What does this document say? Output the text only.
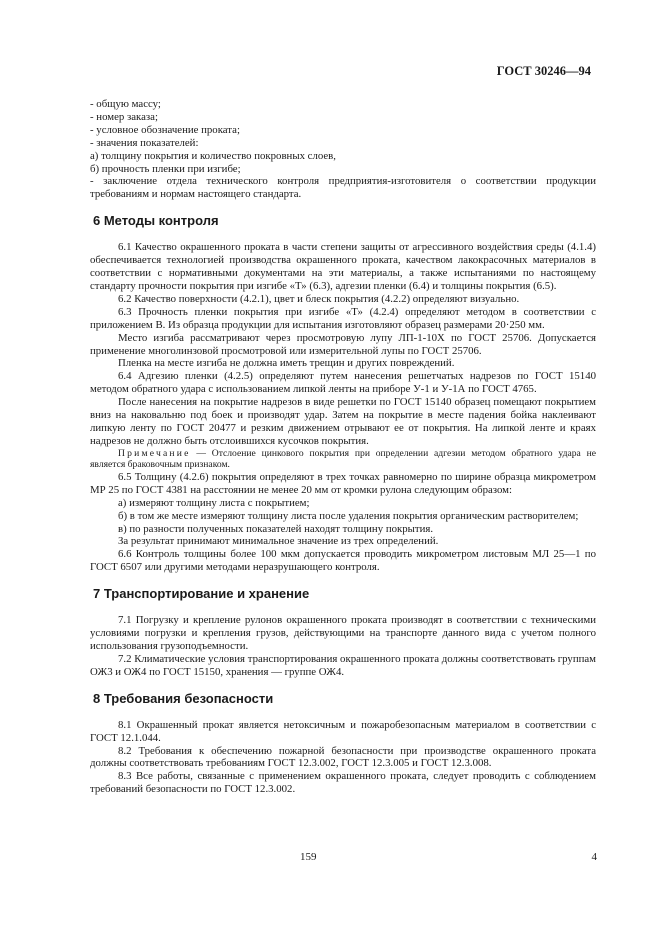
ГОСТ 30246—94

- общую массу;

- номер заказа;

- условное обозначение проката;

- значения показателей:

а) толщину покрытия и количество покровных слоев,

б) прочность пленки при изгибе;

- заключение отдела технического контроля предприятия-изготовителя о соответствии продукции требованиям и нормам настоящего стандарта.

6 Методы контроля

6.1 Качество окрашенного проката в части степени защиты от агрессивного воздействия среды (4.1.4) обеспечивается технологией производства окрашенного проката, качеством лакокрасочных материалов в соответствии с нормативными документами на эти материалы, а также испытаниями по настоящему стандарту прочности покрытия при изгибе «Т» (6.3), адгезии пленки (6.4) и толщины покрытия (6.5).

6.2 Качество поверхности (4.2.1), цвет и блеск покрытия (4.2.2) определяют визуально.

6.3 Прочность пленки покрытия при изгибе «Т» (4.2.4) определяют методом в соответствии с приложением В. Из образца продукции для испытания изготовляют образец размерами 20·250 мм.

Место изгиба рассматривают через просмотровую лупу ЛП-1-10Х по ГОСТ 25706. Допускается применение многолинзовой просмотровой или измерительной лупы по ГОСТ 25706.

Пленка на месте изгиба не должна иметь трещин и других повреждений.

6.4 Адгезию пленки (4.2.5) определяют путем нанесения решетчатых надрезов по ГОСТ 15140 методом обратного удара с использованием липкой ленты на приборе У-1 и У-1А по ГОСТ 4765.

После нанесения на покрытие надрезов в виде решетки по ГОСТ 15140 образец помещают покрытием вниз на наковальню под боек и производят удар. Затем на покрытие в месте падения бойка наклеивают липкую ленту по ГОСТ 20477 и резким движением отрывают ее от покрытия. На липкой ленте и краях надрезов не должно быть отслоившихся кусочков покрытия.

Примечание — Отслоение цинкового покрытия при определении адгезии методом обратного удара не является браковочным признаком.

6.5 Толщину (4.2.6) покрытия определяют в трех точках равномерно по ширине образца микрометром МР 25 по ГОСТ 4381 на расстоянии не менее 20 мм от кромки рулона следующим образом:

а) измеряют толщину листа с покрытием;

б) в том же месте измеряют толщину листа после удаления покрытия органическим растворителем;

в) по разности полученных показателей находят толщину покрытия.

За результат принимают минимальное значение из трех определений.

6.6 Контроль толщины более 100 мкм допускается проводить микрометром листовым МЛ 25—1 по ГОСТ 6507 или другими методами неразрушающего контроля.

7 Транспортирование и хранение

7.1 Погрузку и крепление рулонов окрашенного проката производят в соответствии с техническими условиями погрузки и крепления грузов, действующими на транспорте данного вида с учетом полного использования грузоподъемности.

7.2 Климатические условия транспортирования окрашенного проката должны соответствовать группам ОЖ3 и ОЖ4 по ГОСТ 15150, хранения — группе ОЖ4.

8 Требования безопасности

8.1 Окрашенный прокат является нетоксичным и пожаробезопасным материалом в соответствии с ГОСТ 12.1.044.

8.2 Требования к обеспечению пожарной безопасности при производстве окрашенного проката должны соответствовать требованиям ГОСТ 12.3.002, ГОСТ 12.3.005 и ГОСТ 12.3.008.

8.3 Все работы, связанные с применением окрашенного проката, следует проводить с соблюдением требований безопасности по ГОСТ 12.3.002.

159	4
